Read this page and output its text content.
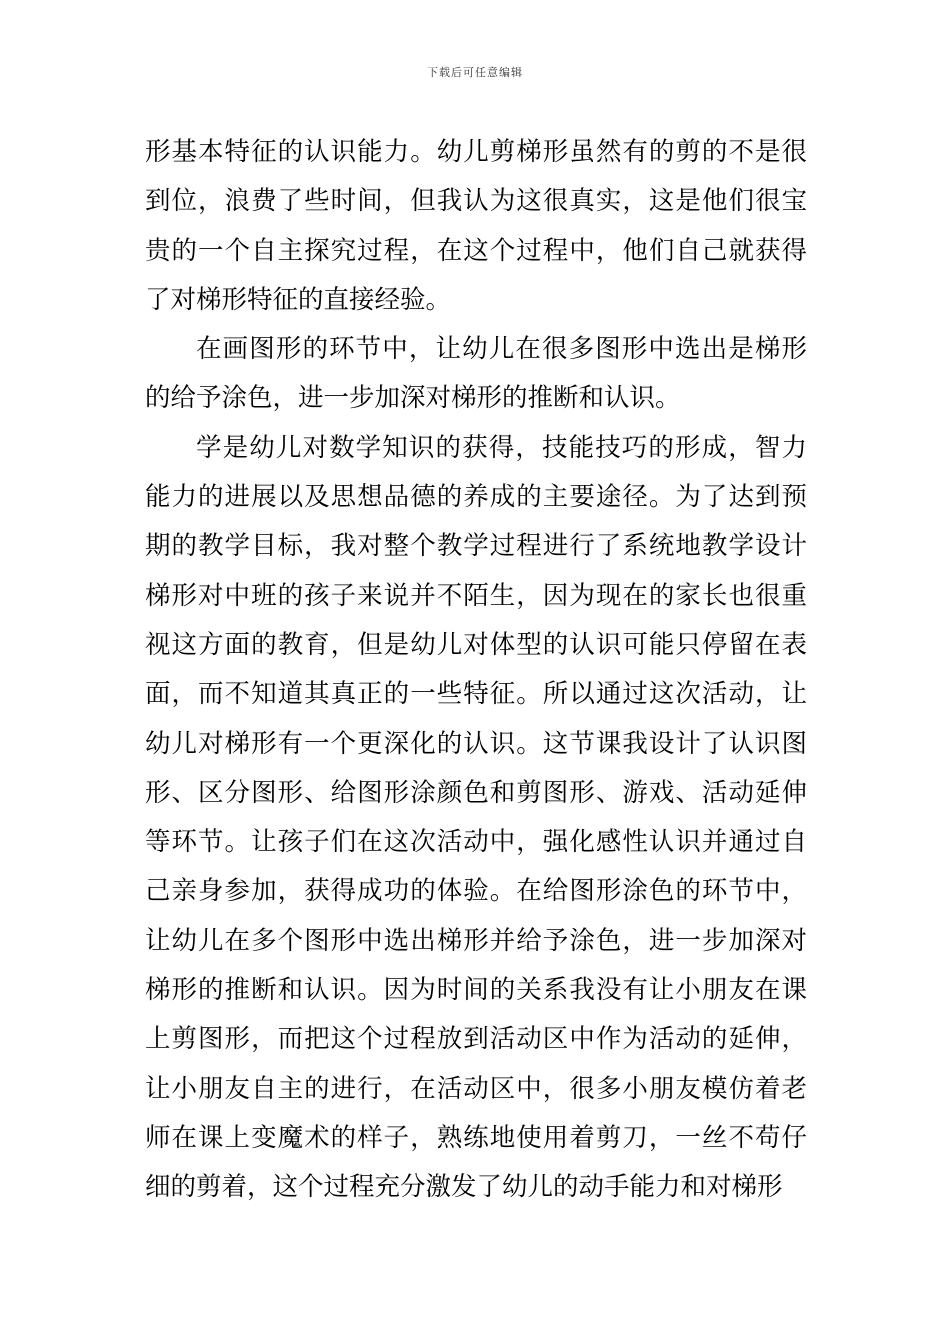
下载后可任意编辑

形基本特征的认识能力。幼儿剪梯形虽然有的剪的不是很到位，浪费了些时间，但我认为这很真实，这是他们很宝贵的一个自主探究过程，在这个过程中，他们自己就获得了对梯形特征的直接经验。

在画图形的环节中，让幼儿在很多图形中选出是梯形的给予涂色，进一步加深对梯形的推断和认识。

学是幼儿对数学知识的获得，技能技巧的形成，智力能力的进展以及思想品德的养成的主要途径。为了达到预期的教学目标，我对整个教学过程进行了系统地教学设计梯形对中班的孩子来说并不陌生，因为现在的家长也很重视这方面的教育，但是幼儿对体型的认识可能只停留在表面，而不知道其真正的一些特征。所以通过这次活动，让幼儿对梯形有一个更深化的认识。这节课我设计了认识图形、区分图形、给图形涂颜色和剪图形、游戏、活动延伸等环节。让孩子们在这次活动中，强化感性认识并通过自己亲身参加，获得成功的体验。在给图形涂色的环节中，让幼儿在多个图形中选出梯形并给予涂色，进一步加深对梯形的推断和认识。因为时间的关系我没有让小朋友在课上剪图形，而把这个过程放到活动区中作为活动的延伸，让小朋友自主的进行，在活动区中，很多小朋友模仿着老师在课上变魔术的样子，熟练地使用着剪刀，一丝不苟仔细的剪着，这个过程充分激发了幼儿的动手能力和对梯形
